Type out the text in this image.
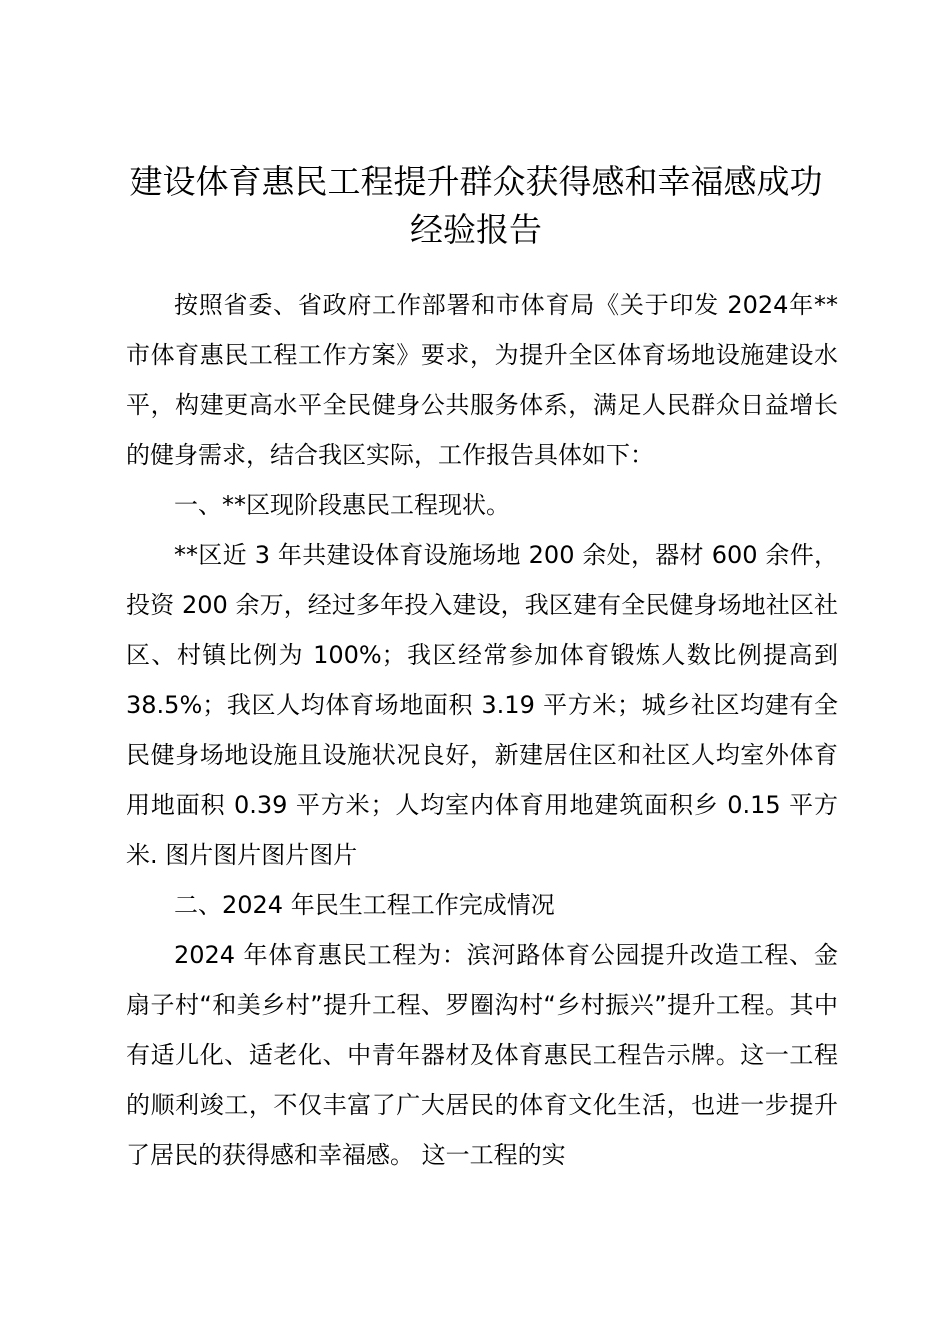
建设体育惠民工程提升群众获得感和幸福感成功经验报告

按照省委、省政府工作部署和市体育局《关于印发 2024年**市体育惠民工程工作方案》要求，为提升全区体育场地设施建设水平，构建更高水平全民健身公共服务体系，满足人民群众日益增长的健身需求，结合我区实际，工作报告具体如下：

一、**区现阶段惠民工程现状。

**区近 3 年共建设体育设施场地 200 余处，器材 600 余件，投资 200 余万，经过多年投入建设，我区建有全民健身场地社区社区、村镇比例为 100%；我区经常参加体育锻炼人数比例提高到 38.5%；我区人均体育场地面积 3.19 平方米；城乡社区均建有全民健身场地设施且设施状况良好，新建居住区和社区人均室外体育用地面积 0.39 平方米；人均室内体育用地建筑面积乡 0.15 平方米. 图片图片图片图片

二、2024 年民生工程工作完成情况

2024 年体育惠民工程为：滨河路体育公园提升改造工程、金扇子村“和美乡村”提升工程、罗圈沟村“乡村振兴”提升工程。其中有适儿化、适老化、中青年器材及体育惠民工程告示牌。这一工程的顺利竣工，不仅丰富了广大居民的体育文化生活，也进一步提升了居民的获得感和幸福感。 这一工程的实
